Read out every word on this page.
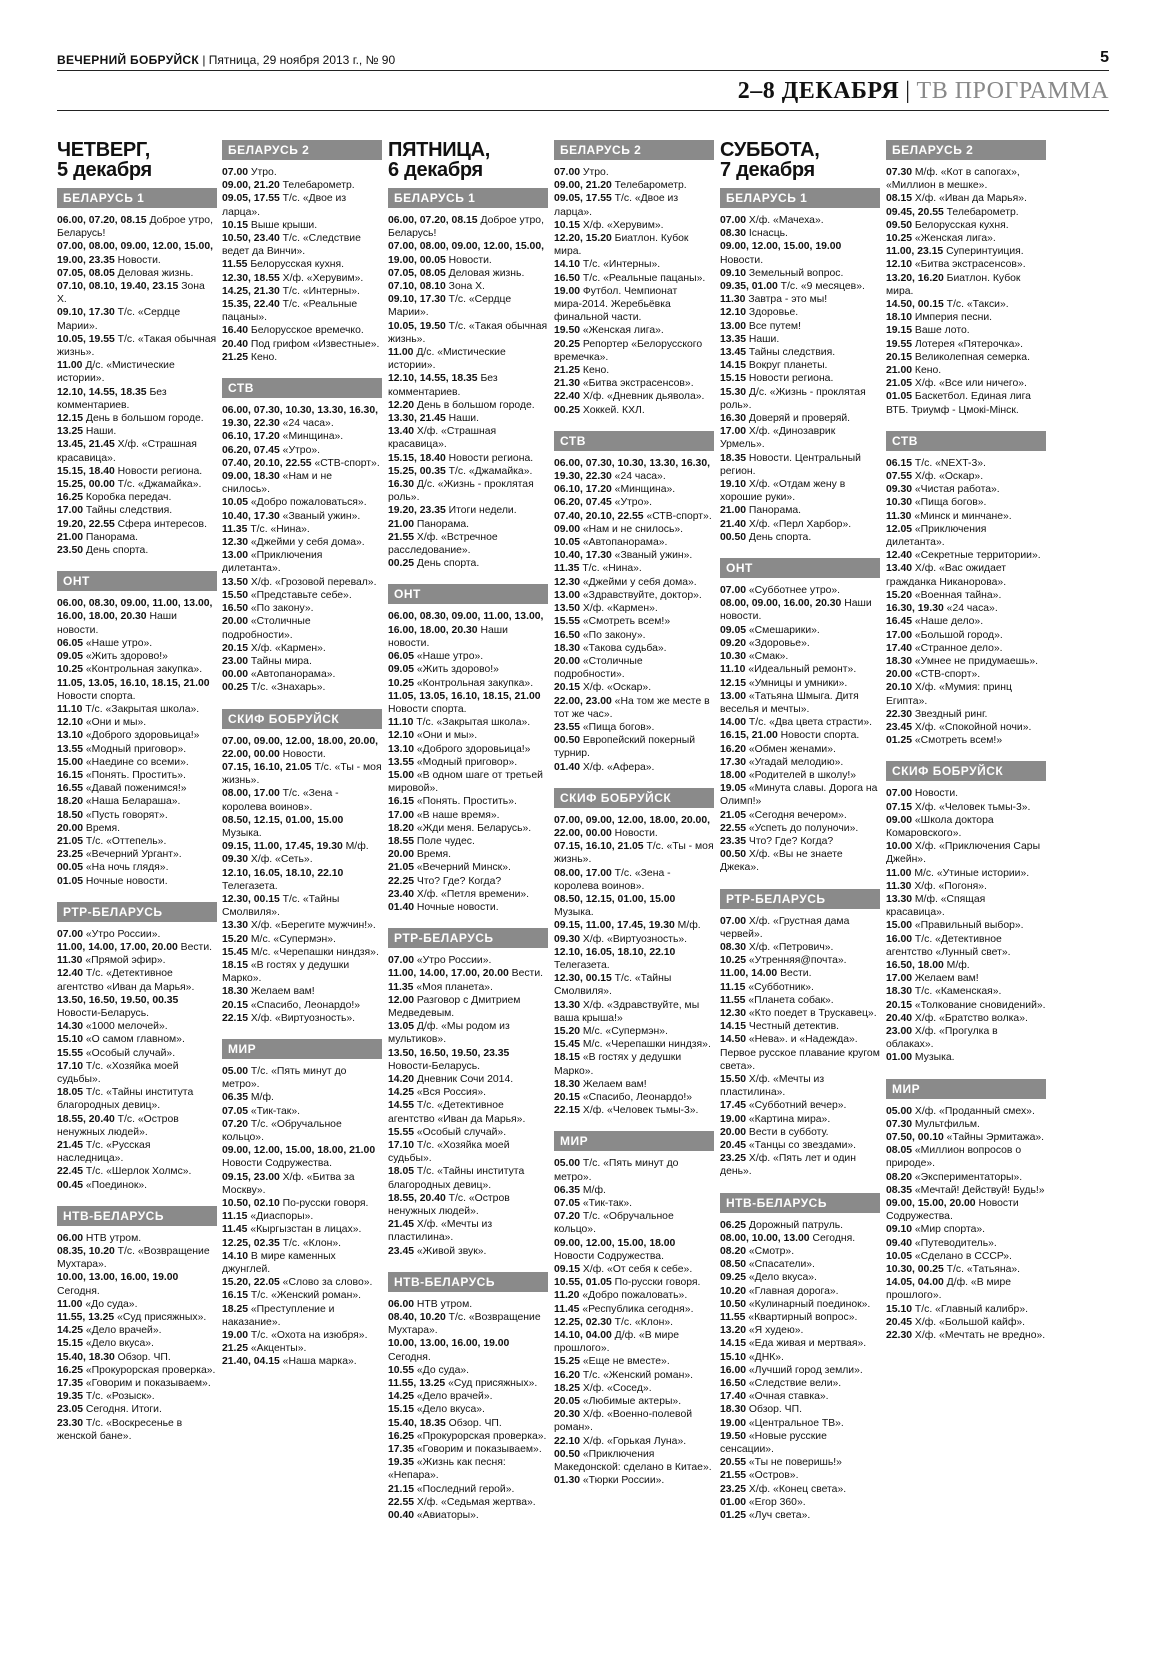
ВЕЧЕРНИЙ БОБРУЙСК | Пятница, 29 ноября 2013 г., № 90	5
2–8 ДЕКАБРЯ | ТВ ПРОГРАММА
ЧЕТВЕРГ,
5 декабря
БЕЛАРУСЬ 1

06.00, 07.20, 08.15 Доброе утро, Беларусь!

07.00, 08.00, 09.00, 12.00, 15.00, 19.00, 23.35 Новости.

07.05, 08.05 Деловая жизнь.

07.10, 08.10, 19.40, 23.15 Зона Х.

09.10, 17.30 Т/с. «Сердце Марии».

10.05, 19.55 Т/с. «Такая обычная жизнь».

11.00 Д/с. «Мистические истории».

12.10, 14.55, 18.35 Без комментариев.

12.15 День в большом городе.

13.25 Наши.

13.45, 21.45 Х/ф. «Страшная красавица».

15.15, 18.40 Новости региона.

15.25, 00.00 Т/с. «Джамайка».

16.25 Коробка передач.

17.00 Тайны следствия.

19.20, 22.55 Сфера интересов.

21.00 Панорама.

23.50 День спорта.

ОНТ

06.00, 08.30, 09.00, 11.00, 13.00, 16.00, 18.00, 20.30 Наши новости.

06.05 «Наше утро».

09.05 «Жить здорово!»

10.25 «Контрольная закупка».

11.05, 13.05, 16.10, 18.15, 21.00 Новости спорта.

11.10 Т/с. «Закрытая школа».

12.10 «Они и мы».

13.10 «Доброго здоровьица!»

13.55 «Модный приговор».

15.00 «Наедине со всеми».

16.15 «Понять. Простить».

16.55 «Давай поженимся!»

18.20 «Наша Белараша».

18.50 «Пусть говорят».

20.00 Время.

21.05 Т/с. «Оттепель».

23.25 «Вечерний Ургант».

00.05 «На ночь глядя».

01.05 Ночные новости.

РТР-БЕЛАРУСЬ

07.00 «Утро России».

11.00, 14.00, 17.00, 20.00 Вести.

11.30 «Прямой эфир».

12.40 Т/с. «Детективное агентство «Иван да Марья».

13.50, 16.50, 19.50, 00.35 Новости-Беларусь.

14.30 «1000 мелочей».

15.10 «О самом главном».

15.55 «Особый случай».

17.10 Т/с. «Хозяйка моей судьбы».

18.05 Т/с. «Тайны института благородных девиц».

18.55, 20.40 Т/с. «Остров ненужных людей».

21.45 Т/с. «Русская наследница».

22.45 Т/с. «Шерлок Холмс».

00.45 «Поединок».

НТВ-БЕЛАРУСЬ

06.00 НТВ утром.

08.35, 10.20 Т/с. «Возвращение Мухтара».

10.00, 13.00, 16.00, 19.00 Сегодня.

11.00 «До суда».

11.55, 13.25 «Суд присяжных».

14.25 «Дело врачей».

15.15 «Дело вкуса».

15.40, 18.30 Обзор. ЧП.

16.25 «Прокурорская проверка».

17.35 «Говорим и показываем».

19.35 Т/с. «Розыск».

23.05 Сегодня. Итоги.

23.30 Т/с. «Воскресенье в женской бане».

БЕЛАРУСЬ 2

07.00 Утро.

09.00, 21.20 Телебарометр.

09.05, 17.55 Т/с. «Двое из ларца».

10.15 Выше крыши.

10.50, 23.40 Т/с. «Следствие ведет да Винчи».

11.55 Белорусская кухня.

12.30, 18.55 Х/ф. «Херувим».

14.25, 21.30 Т/с. «Интерны».

15.35, 22.40 Т/с. «Реальные пацаны».

16.40 Белорусское времечко.

20.40 Под грифом «Известные».

21.25 Кено.

СТВ

06.00, 07.30, 10.30, 13.30, 16.30, 19.30, 22.30 «24 часа».

06.10, 17.20 «Минщина».

06.20, 07.45 «Утро».

07.40, 20.10, 22.55 «СТВ-спорт».

09.00, 18.30 «Нам и не снилось».

10.05 «Добро пожаловаться».

10.40, 17.30 «Званый ужин».

11.35 Т/с. «Нина».

12.30 «Джейми у себя дома».

13.00 «Приключения дилетанта».

13.50 Х/ф. «Грозовой перевал».

15.50 «Представьте себе».

16.50 «По закону».

20.00 «Столичные подробности».

20.15 Х/ф. «Кармен».

23.00 Тайны мира.

00.00 «Автопанорама».

00.25 Т/с. «Знахарь».

СКИФ БОБРУЙСК

07.00, 09.00, 12.00, 18.00, 20.00, 22.00, 00.00 Новости.

07.15, 16.10, 21.05 Т/с. «Ты - моя жизнь».

08.00, 17.00 Т/с. «Зена - королева воинов».

08.50, 12.15, 01.00, 15.00 Музыка.

09.15, 11.00, 17.45, 19.30 М/ф.

09.30 Х/ф. «Сеть».

12.10, 16.05, 18.10, 22.10 Телегазета.

12.30, 00.15 Т/с. «Тайны Смолвиля».

13.30 Х/ф. «Берегите мужчин!».

15.20 М/с. «Супермэн».

15.45 М/с. «Черепашки ниндзя».

18.15 «В гостях у дедушки Марко».

18.30 Желаем вам!

20.15 «Спасибо, Леонардо!»

22.15 Х/ф. «Виртуозность».

МИР

05.00 Т/с. «Пять минут до метро».

06.35 М/ф.

07.05 «Тик-так».

07.20 Т/с. «Обручальное кольцо».

09.00, 12.00, 15.00, 18.00, 21.00 Новости Содружества.

09.15, 23.00 Х/ф. «Битва за Москву».

10.50, 02.10 По-русски говоря.

11.15 «Диаспоры».

11.45 «Кыргызстан в лицах».

12.25, 02.35 Т/с. «Клон».

14.10 В мире каменных джунглей.

15.20, 22.05 «Слово за слово».

16.15 Т/с. «Женский роман».

18.25 «Преступление и наказание».

19.00 Т/с. «Охота на изюбря».

21.25 «Акценты».

21.40, 04.15 «Наша марка».

ПЯТНИЦА,
6 декабря
БЕЛАРУСЬ 1

06.00, 07.20, 08.15 Доброе утро, Беларусь!

07.00, 08.00, 09.00, 12.00, 15.00, 19.00, 00.05 Новости.

07.05, 08.05 Деловая жизнь.

07.10, 08.10 Зона Х.

09.10, 17.30 Т/с. «Сердце Марии».

10.05, 19.50 Т/с. «Такая обычная жизнь».

11.00 Д/с. «Мистические истории».

12.10, 14.55, 18.35 Без комментариев.

12.20 День в большом городе.

13.30, 21.45 Наши.

13.40 Х/ф. «Страшная красавица».

15.15, 18.40 Новости региона.

15.25, 00.35 Т/с. «Джамайка».

16.30 Д/с. «Жизнь - проклятая роль».

19.20, 23.35 Итоги недели.

21.00 Панорама.

21.55 Х/ф. «Встречное расследование».

00.25 День спорта.

ОНТ

06.00, 08.30, 09.00, 11.00, 13.00, 16.00, 18.00, 20.30 Наши новости.

06.05 «Наше утро».

09.05 «Жить здорово!»

10.25 «Контрольная закупка».

11.05, 13.05, 16.10, 18.15, 21.00 Новости спорта.

11.10 Т/с. «Закрытая школа».

12.10 «Они и мы».

13.10 «Доброго здоровьица!»

13.55 «Модный приговор».

15.00 «В одном шаге от третьей мировой».

16.15 «Понять. Простить».

17.00 «В наше время».

18.20 «Жди меня. Беларусь».

18.55 Поле чудес.

20.00 Время.

21.05 «Вечерний Минск».

22.25 Что? Где? Когда?

23.40 Х/ф. «Петля времени».

01.40 Ночные новости.

РТР-БЕЛАРУСЬ

07.00 «Утро России».

11.00, 14.00, 17.00, 20.00 Вести.

11.35 «Моя планета».

12.00 Разговор с Дмитрием Медведевым.

13.05 Д/ф. «Мы родом из мультиков».

13.50, 16.50, 19.50, 23.35 Новости-Беларусь.

14.20 Дневник Сочи 2014.

14.25 «Вся Россия».

14.55 Т/с. «Детективное агентство «Иван да Марья».

15.55 «Особый случай».

17.10 Т/с. «Хозяйка моей судьбы».

18.05 Т/с. «Тайны института благородных девиц».

18.55, 20.40 Т/с. «Остров ненужных людей».

21.45 Х/ф. «Мечты из пластилина».

23.45 «Живой звук».

НТВ-БЕЛАРУСЬ

06.00 НТВ утром.

08.40, 10.20 Т/с. «Возвращение Мухтара».

10.00, 13.00, 16.00, 19.00 Сегодня.

10.55 «До суда».

11.55, 13.25 «Суд присяжных».

14.25 «Дело врачей».

15.15 «Дело вкуса».

15.40, 18.35 Обзор. ЧП.

16.25 «Прокурорская проверка».

17.35 «Говорим и показываем».

19.35 «Жизнь как песня: «Непара».

21.15 «Последний герой».

22.55 Х/ф. «Седьмая жертва».

00.40 «Авиаторы».

БЕЛАРУСЬ 2

07.00 Утро.

09.00, 21.20 Телебарометр.

09.05, 17.55 Т/с. «Двое из ларца».

10.15 Х/ф. «Херувим».

12.20, 15.20 Биатлон. Кубок мира.

14.10 Т/с. «Интерны».

16.50 Т/с. «Реальные пацаны».

19.00 Футбол. Чемпионат мира-2014. Жеребьёвка финальной части.

19.50 «Женская лига».

20.25 Репортер «Белорусского времечка».

21.25 Кено.

21.30 «Битва экстрасенсов».

22.40 Х/ф. «Дневник дьявола».

00.25 Хоккей. КХЛ.

СТВ

06.00, 07.30, 10.30, 13.30, 16.30, 19.30, 22.30 «24 часа».

06.10, 17.20 «Минщина».

06.20, 07.45 «Утро».

07.40, 20.10, 22.55 «СТВ-спорт».

09.00 «Нам и не снилось».

10.05 «Автопанорама».

10.40, 17.30 «Званый ужин».

11.35 Т/с. «Нина».

12.30 «Джейми у себя дома».

13.00 «Здравствуйте, доктор».

13.50 Х/ф. «Кармен».

15.55 «Смотреть всем!»

16.50 «По закону».

18.30 «Такова судьба».

20.00 «Столичные подробности».

20.15 Х/ф. «Оскар».

22.00, 23.00 «На том же месте в тот же час».

23.55 «Пища богов».

00.50 Европейский покерный турнир.

01.40 Х/ф. «Афера».

СКИФ БОБРУЙСК

07.00, 09.00, 12.00, 18.00, 20.00, 22.00, 00.00 Новости.

07.15, 16.10, 21.05 Т/с. «Ты - моя жизнь».

08.00, 17.00 Т/с. «Зена - королева воинов».

08.50, 12.15, 01.00, 15.00 Музыка.

09.15, 11.00, 17.45, 19.30 М/ф.

09.30 Х/ф. «Виртуозность».

12.10, 16.05, 18.10, 22.10 Телегазета.

12.30, 00.15 Т/с. «Тайны Смолвиля».

13.30 Х/ф. «Здравствуйте, мы ваша крыша!»

15.20 М/с. «Супермэн».

15.45 М/с. «Черепашки ниндзя».

18.15 «В гостях у дедушки Марко».

18.30 Желаем вам!

20.15 «Спасибо, Леонардо!»

22.15 Х/ф. «Человек тьмы-3».

МИР

05.00 Т/с. «Пять минут до метро».

06.35 М/ф.

07.05 «Тик-так».

07.20 Т/с. «Обручальное кольцо».

09.00, 12.00, 15.00, 18.00 Новости Содружества.

09.15 Х/ф. «От себя к себе».

10.55, 01.05 По-русски говоря.

11.20 «Добро пожаловать».

11.45 «Республика сегодня».

12.25, 02.30 Т/с. «Клон».

14.10, 04.00 Д/ф. «В мире прошлого».

15.25 «Еще не вместе».

16.20 Т/с. «Женский роман».

18.25 Х/ф. «Сосед».

20.05 «Любимые актеры».

20.30 Х/ф. «Военно-полевой роман».

22.10 Х/ф. «Горькая Луна».

00.50 «Приключения Македонской: сделано в Китае».

01.30 «Тюрки России».

СУББОТА,
7 декабря
БЕЛАРУСЬ 1

07.00 Х/ф. «Мачеха».

08.30 Існасць.

09.00, 12.00, 15.00, 19.00 Новости.

09.10 Земельный вопрос.

09.35, 01.00 Т/с. «9 месяцев».

11.30 Завтра - это мы!

12.10 Здоровье.

13.00 Все путем!

13.35 Наши.

13.45 Тайны следствия.

14.15 Вокруг планеты.

15.15 Новости региона.

15.30 Д/с. «Жизнь - проклятая роль».

16.30 Доверяй и проверяй.

17.00 Х/ф. «Динозаврик Урмель».

18.35 Новости. Центральный регион.

19.10 Х/ф. «Отдам жену в хорошие руки».

21.00 Панорама.

21.40 Х/ф. «Перл Харбор».

00.50 День спорта.

ОНТ

07.00 «Субботнее утро».

08.00, 09.00, 16.00, 20.30 Наши новости.

09.05 «Смешарики».

09.20 «Здоровье».

10.30 «Смак».

11.10 «Идеальный ремонт».

12.15 «Умницы и умники».

13.00 «Татьяна Шмыга. Дитя веселья и мечты».

14.00 Т/с. «Два цвета страсти».

16.15, 21.00 Новости спорта.

16.20 «Обмен женами».

17.30 «Угадай мелодию».

18.00 «Родителей в школу!»

19.05 «Минута славы. Дорога на Олимп!»

21.05 «Сегодня вечером».

22.55 «Успеть до полуночи».

23.35 Что? Где? Когда?

00.50 Х/ф. «Вы не знаете Джека».

РТР-БЕЛАРУСЬ

07.00 Х/ф. «Грустная дама червей».

08.30 Х/ф. «Петрович».

10.25 «Утренняя@почта».

11.00, 14.00 Вести.

11.15 «Субботник».

11.55 «Планета собак».

12.30 «Кто поедет в Трускавец».

14.15 Честный детектив.

14.50 «Нева». и «Надежда». Первое русское плавание кругом света».

15.50 Х/ф. «Мечты из пластилина».

17.45 «Субботний вечер».

19.00 «Картина мира».

20.00 Вести в субботу.

20.45 «Танцы со звездами».

23.25 Х/ф. «Пять лет и один день».

НТВ-БЕЛАРУСЬ

06.25 Дорожный патруль.

08.00, 10.00, 13.00 Сегодня.

08.20 «Смотр».

08.50 «Спасатели».

09.25 «Дело вкуса».

10.20 «Главная дорога».

10.50 «Кулинарный поединок».

11.55 «Квартирный вопрос».

13.20 «Я худею».

14.15 «Еда живая и мертвая».

15.10 «ДНК».

16.00 «Лучший город земли».

16.50 «Следствие вели».

17.40 «Очная ставка».

18.30 Обзор. ЧП.

19.00 «Центральное ТВ».

19.50 «Новые русские сенсации».

20.55 «Ты не поверишь!»

21.55 «Остров».

23.25 Х/ф. «Конец света».

01.00 «Егор 360».

01.25 «Луч света».

БЕЛАРУСЬ 2

07.30 М/ф. «Кот в сапогах», «Миллион в мешке».

08.15 Х/ф. «Иван да Марья».

09.45, 20.55 Телебарометр.

09.50 Белорусская кухня.

10.25 «Женская лига».

11.00, 23.15 Суперинтуиция.

12.10 «Битва экстрасенсов».

13.20, 16.20 Биатлон. Кубок мира.

14.50, 00.15 Т/с. «Такси».

18.10 Империя песни.

19.15 Ваше лото.

19.55 Лотерея «Пятерочка».

20.15 Великолепная семерка.

21.00 Кено.

21.05 Х/ф. «Все или ничего».

01.05 Баскетбол. Единая лига ВТБ. Триумф - Цмокі-Мінск.

СТВ

06.15 Т/с. «NEXT-3».

07.55 Х/ф. «Оскар».

09.30 «Чистая работа».

10.30 «Пища богов».

11.30 «Минск и минчане».

12.05 «Приключения дилетанта».

12.40 «Секретные территории».

13.40 Х/ф. «Вас ожидает гражданка Никанорова».

15.20 «Военная тайна».

16.30, 19.30 «24 часа».

16.45 «Наше дело».

17.00 «Большой город».

17.40 «Странное дело».

18.30 «Умнее не придумаешь».

20.00 «СТВ-спорт».

20.10 Х/ф. «Мумия: принц Египта».

22.30 Звездный ринг.

23.45 Х/ф. «Спокойной ночи».

01.25 «Смотреть всем!»

СКИФ БОБРУЙСК

07.00 Новости.

07.15 Х/ф. «Человек тьмы-3».

09.00 «Школа доктора Комаровского».

10.00 Х/ф. «Приключения Сары Джейн».

11.00 М/с. «Утиные истории».

11.30 Х/ф. «Погоня».

13.30 М/ф. «Спящая красавица».

15.00 «Правильный выбор».

16.00 Т/с. «Детективное агентство «Лунный свет».

16.50, 18.00 М/ф.

17.00 Желаем вам!

18.30 Т/с. «Каменская».

20.15 «Толкование сновидений».

20.40 Х/ф. «Братство волка».

23.00 Х/ф. «Прогулка в облаках».

01.00 Музыка.

МИР

05.00 Х/ф. «Проданный смех».

07.30 Мультфильм.

07.50, 00.10 «Тайны Эрмитажа».

08.05 «Миллион вопросов о природе».

08.20 «Экспериментаторы».

08.35 «Мечтай! Действуй! Будь!»

09.00, 15.00, 20.00 Новости Содружества.

09.10 «Мир спорта».

09.40 «Путеводитель».

10.05 «Сделано в СССР».

10.30, 00.25 Т/с. «Татьяна».

14.05, 04.00 Д/ф. «В мире прошлого».

15.10 Т/с. «Главный калибр».

20.45 Х/ф. «Большой кайф».

22.30 Х/ф. «Мечтать не вредно».
